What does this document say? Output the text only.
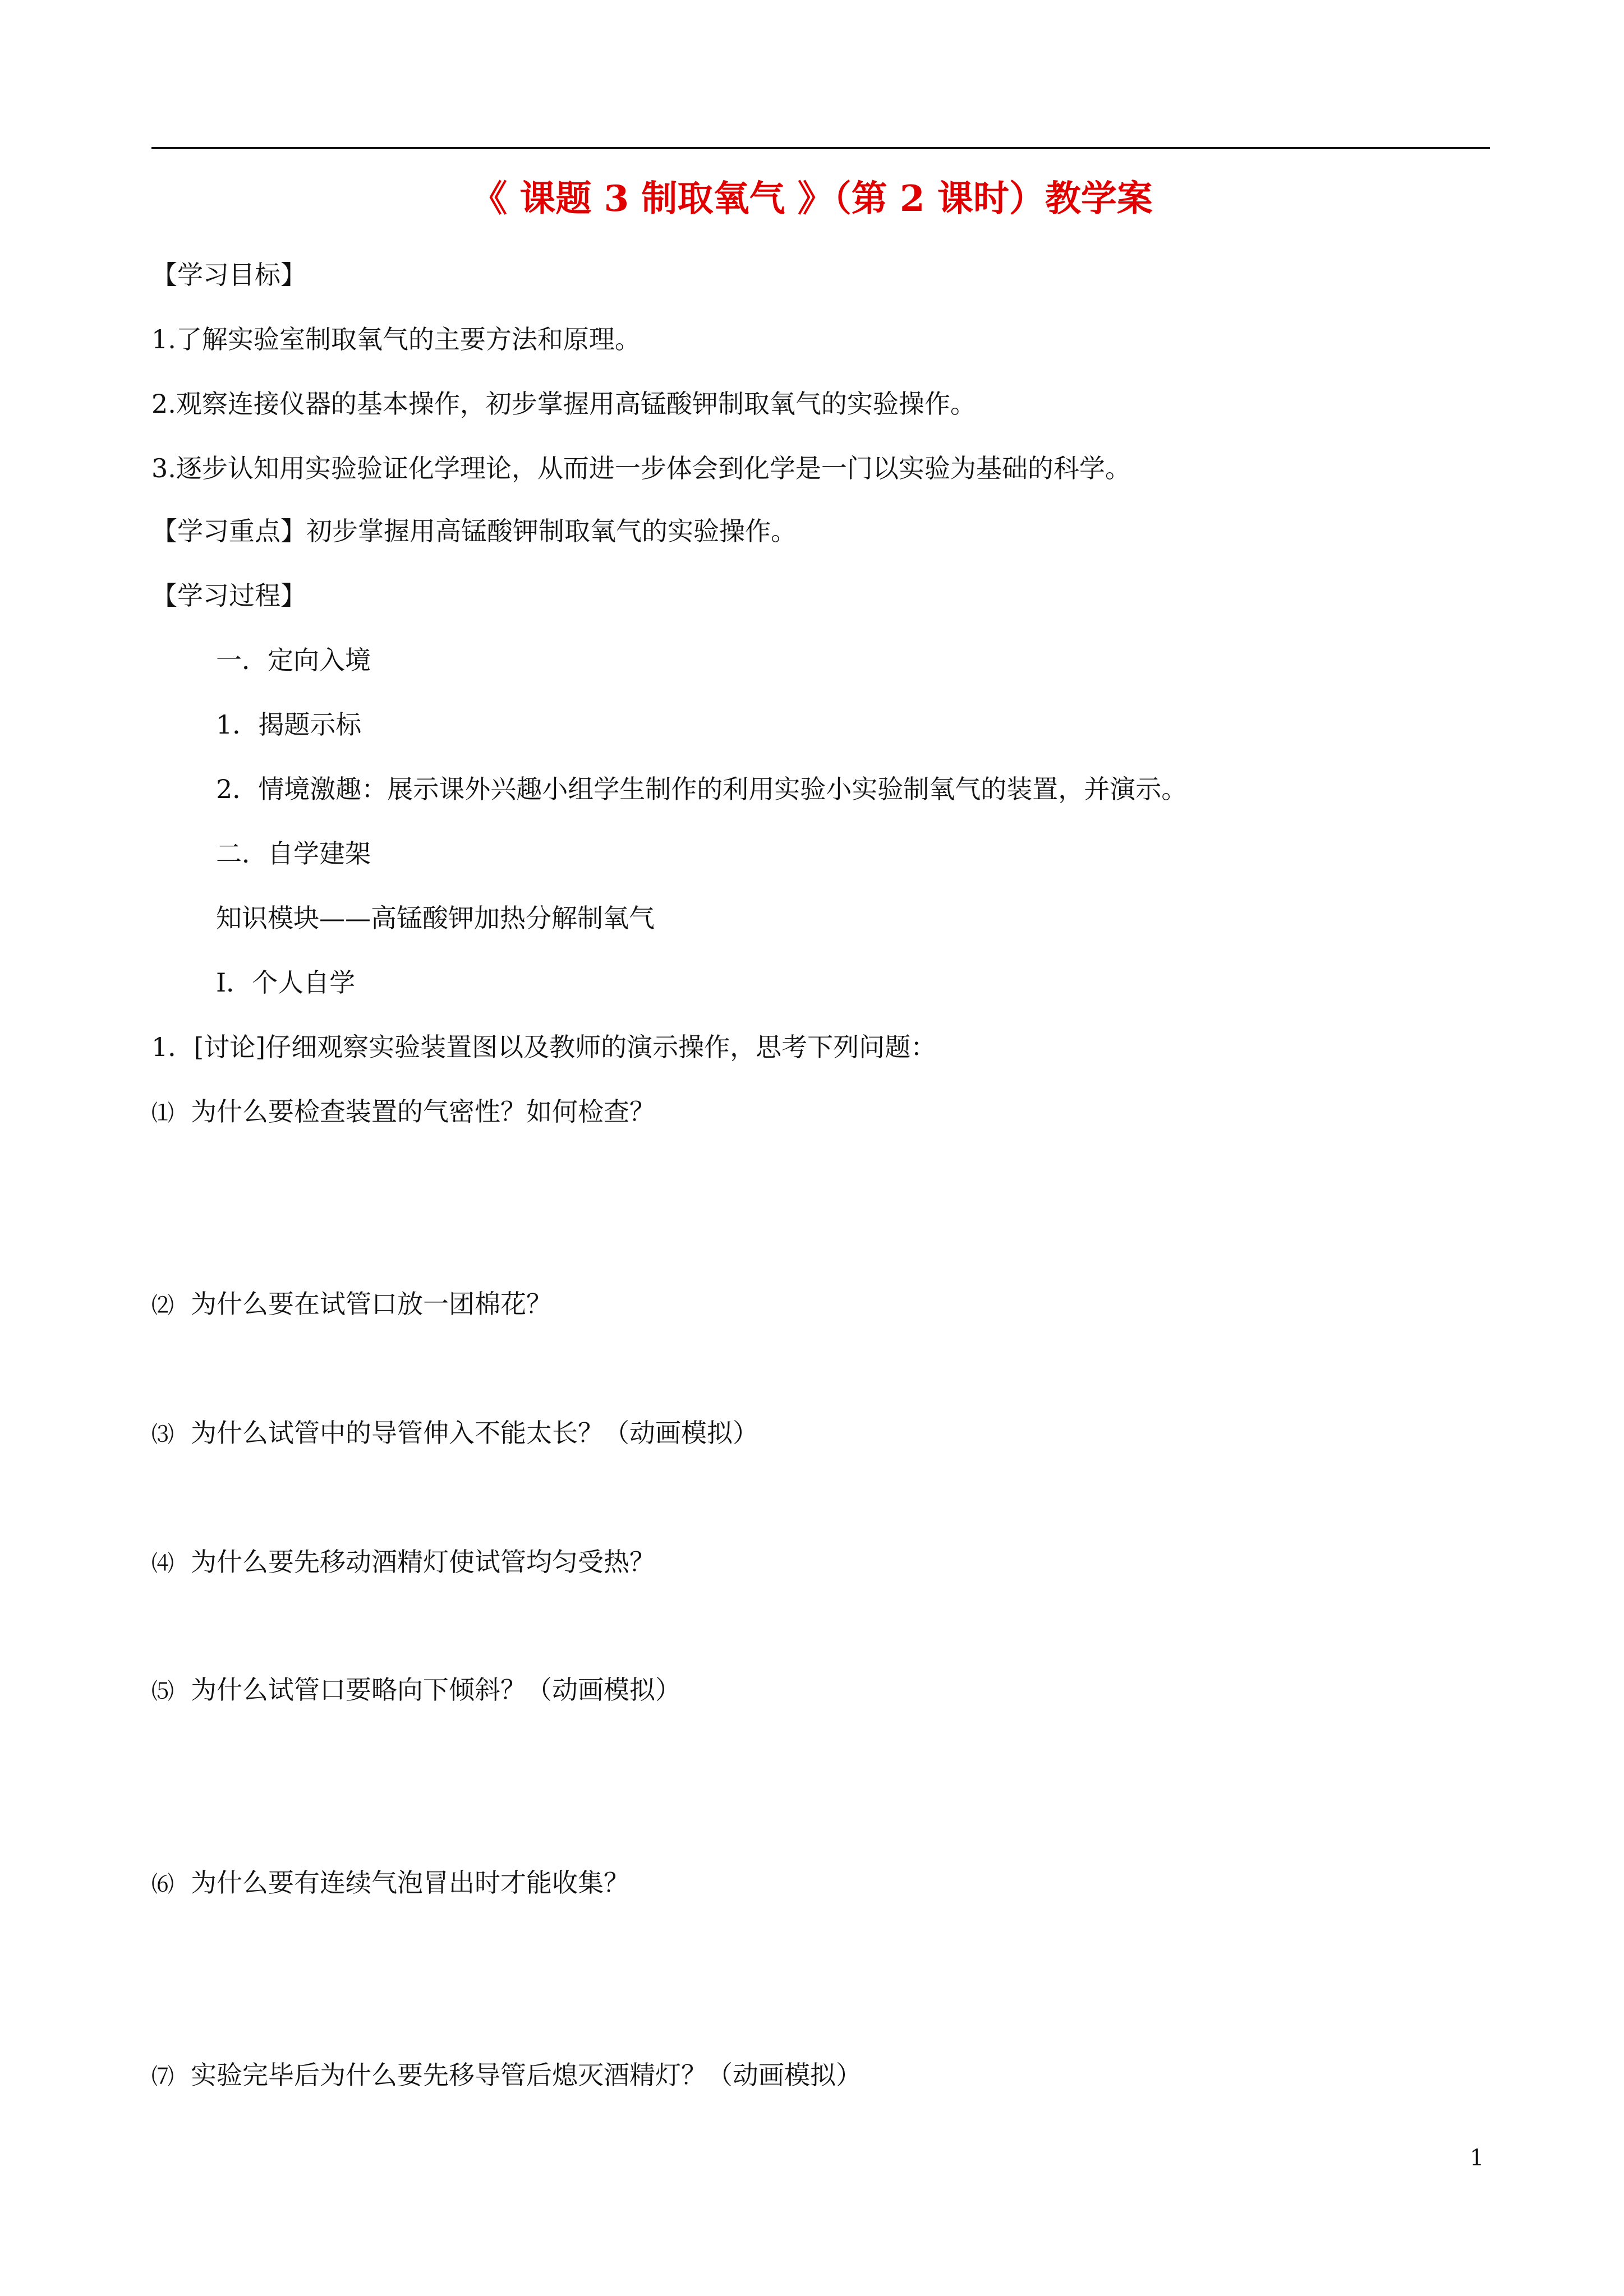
《 课题 3 制取氧气 》（第 2 课时）教学案
【学习目标】
1.了解实验室制取氧气的主要方法和原理。
2.观察连接仪器的基本操作，初步掌握用高锰酸钾制取氧气的实验操作。
3.逐步认知用实验验证化学理论，从而进一步体会到化学是一门以实验为基础的科学。
【学习重点】初步掌握用高锰酸钾制取氧气的实验操作。
【学习过程】
一．定向入境
1．揭题示标
2．情境激趣：展示课外兴趣小组学生制作的利用实验小实验制氧气的装置，并演示。
二．自学建架
知识模块——高锰酸钾加热分解制氧气
Ⅰ．个人自学
1．[讨论]仔细观察实验装置图以及教师的演示操作，思考下列问题：
⑴ 为什么要检查装置的气密性？如何检查？
⑵ 为什么要在试管口放一团棉花？
⑶ 为什么试管中的导管伸入不能太长？（动画模拟）
⑷ 为什么要先移动酒精灯使试管均匀受热？
⑸ 为什么试管口要略向下倾斜？（动画模拟）
⑹ 为什么要有连续气泡冒出时才能收集？
⑺ 实验完毕后为什么要先移导管后熄灭酒精灯？（动画模拟）
1
